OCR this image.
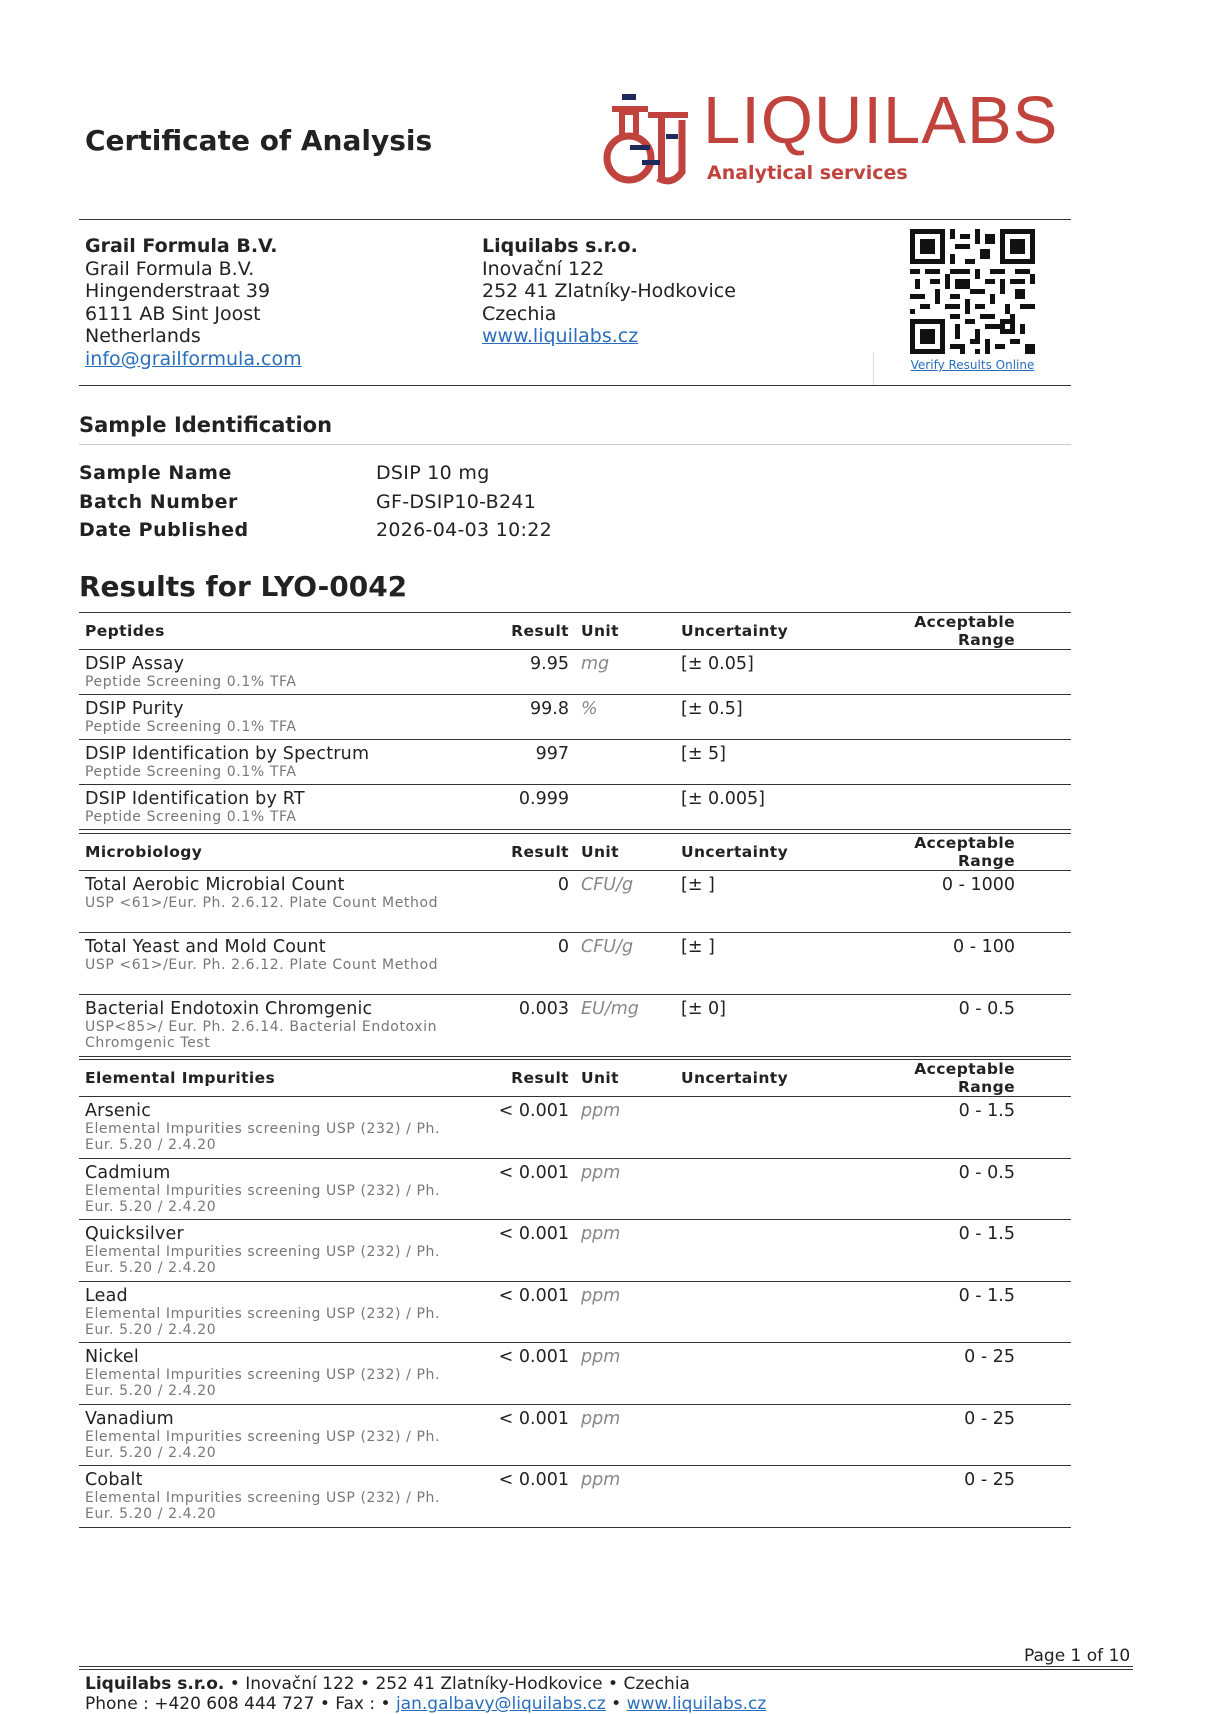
Certificate of Analysis	LIQUILABS
Analytical services
Grail Formula B.V.
Grail Formula B.V.
Hingenderstraat 39
6111 AB Sint Joost
Netherlands
info@grailformula.com
Liquilabs s.r.o.
Inovační 122
252 41 Zlatníky-Hodkovice
Czechia
www.liquilabs.cz
Verify Results Online
Sample Identification
Sample Name	DSIP 10 mg
Batch Number	GF-DSIP10-B241
Date Published	2026-04-03 10:22
Results for LYO-0042
Peptides	Result	Unit	Uncertainty	Acceptable Range

DSIP Assay
Peptide Screening 0.1% TFA	9.95	mg	[± 0.05]	

DSIP Purity
Peptide Screening 0.1% TFA	99.8	%	[± 0.5]	

DSIP Identification by Spectrum
Peptide Screening 0.1% TFA	997		[± 5]	

DSIP Identification by RT
Peptide Screening 0.1% TFA	0.999		[± 0.005]	

Microbiology	Result	Unit	Uncertainty	Acceptable Range

Total Aerobic Microbial Count
USP <61>/Eur. Ph. 2.6.12. Plate Count Method	0	CFU/g	[± ]	0 - 1000

Total Yeast and Mold Count
USP <61>/Eur. Ph. 2.6.12. Plate Count Method	0	CFU/g	[± ]	0 - 100

Bacterial Endotoxin Chromgenic
USP<85>/ Eur. Ph. 2.6.14. Bacterial Endotoxin Chromgenic Test	0.003	EU/mg	[± 0]	0 - 0.5
Elemental Impurities	Result	Unit	Uncertainty	Acceptable Range

Arsenic
Elemental Impurities screening USP (232) / Ph. Eur. 5.20 / 2.4.20	< 0.001	ppm		0 - 1.5

Cadmium
Elemental Impurities screening USP (232) / Ph. Eur. 5.20 / 2.4.20	< 0.001	ppm		0 - 0.5

Quicksilver
Elemental Impurities screening USP (232) / Ph. Eur. 5.20 / 2.4.20	< 0.001	ppm		0 - 1.5

Lead
Elemental Impurities screening USP (232) / Ph. Eur. 5.20 / 2.4.20	< 0.001	ppm		0 - 1.5

Nickel
Elemental Impurities screening USP (232) / Ph. Eur. 5.20 / 2.4.20	< 0.001	ppm		0 - 25

Vanadium
Elemental Impurities screening USP (232) / Ph. Eur. 5.20 / 2.4.20	< 0.001	ppm		0 - 25

Cobalt
Elemental Impurities screening USP (232) / Ph. Eur. 5.20 / 2.4.20	< 0.001	ppm		0 - 25
Page 1 of 10
Liquilabs s.r.o. • Inovační 122 • 252 41 Zlatníky-Hodkovice • Czechia
Phone : +420 608 444 727 • Fax : • jan.galbavy@liquilabs.cz • www.liquilabs.cz
